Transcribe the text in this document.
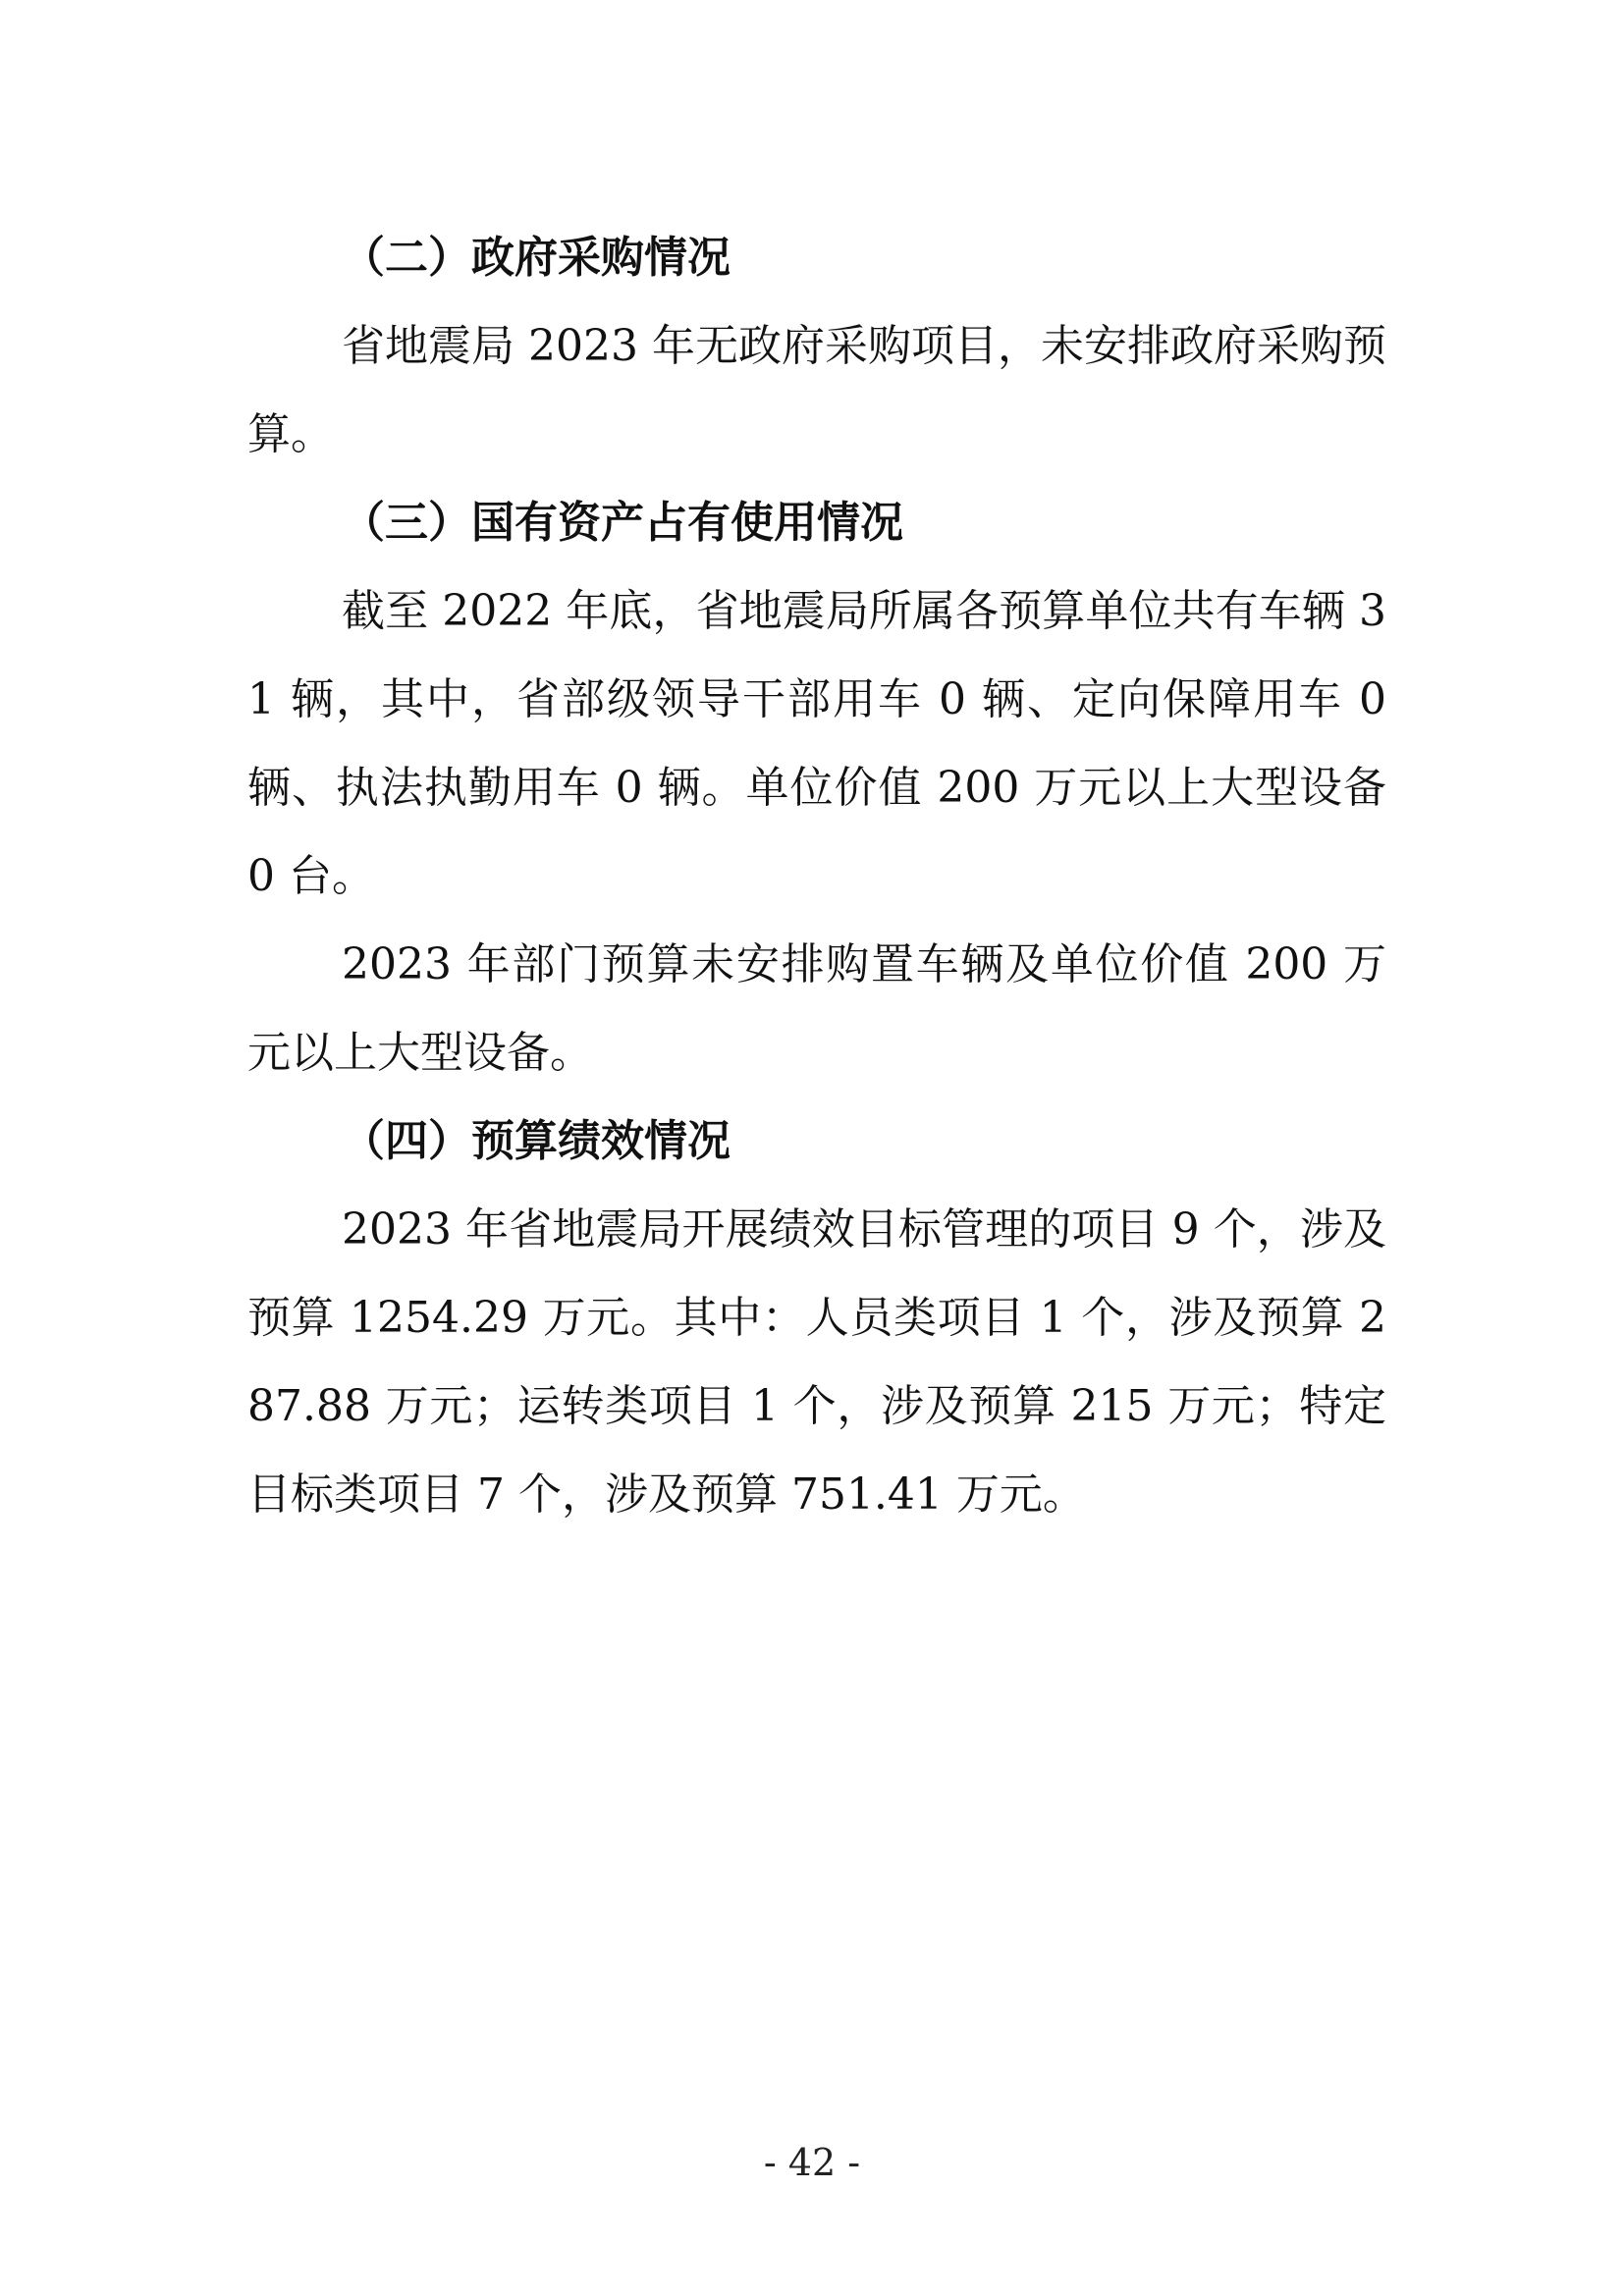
（二）政府采购情况

省地震局 2023 年无政府采购项目，未安排政府采购预算。

（三）国有资产占有使用情况

截至 2022 年底，省地震局所属各预算单位共有车辆 31 辆，其中，省部级领导干部用车 0 辆、定向保障用车 0 辆、执法执勤用车 0 辆。单位价值 200 万元以上大型设备 0 台。

2023 年部门预算未安排购置车辆及单位价值 200 万元以上大型设备。

（四）预算绩效情况

2023 年省地震局开展绩效目标管理的项目 9 个，涉及预算 1254.29 万元。其中：人员类项目 1 个，涉及预算 287.88 万元；运转类项目 1 个，涉及预算 215 万元；特定目标类项目 7 个，涉及预算 751.41 万元。

- 42 -
